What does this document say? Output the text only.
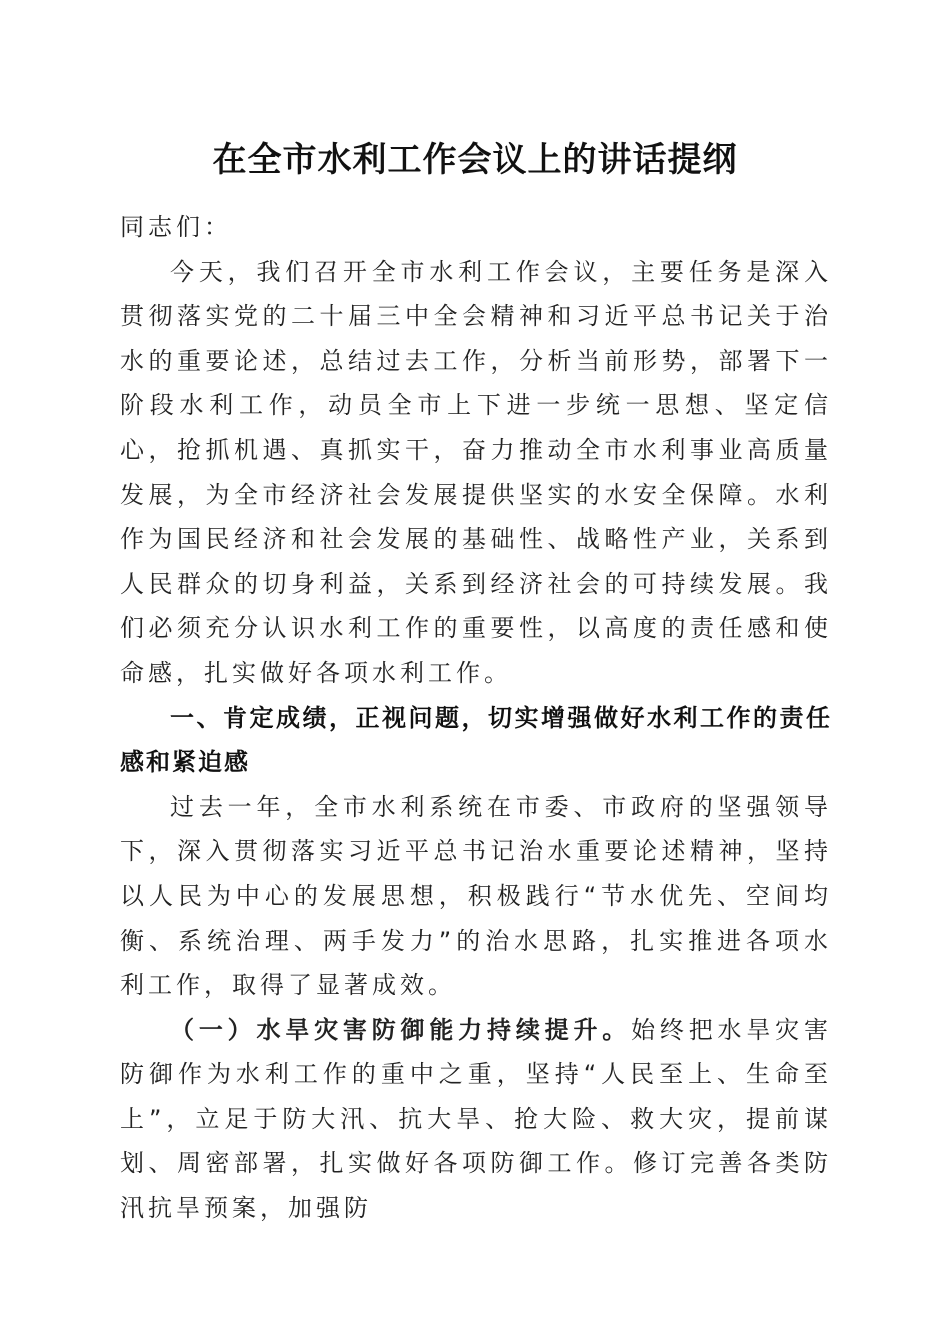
在全市水利工作会议上的讲话提纲

同志们：

今天，我们召开全市水利工作会议，主要任务是深入贯彻落实党的二十届三中全会精神和习近平总书记关于治水的重要论述，总结过去工作，分析当前形势，部署下一阶段水利工作，动员全市上下进一步统一思想、坚定信心，抢抓机遇、真抓实干，奋力推动全市水利事业高质量发展，为全市经济社会发展提供坚实的水安全保障。水利作为国民经济和社会发展的基础性、战略性产业，关系到人民群众的切身利益，关系到经济社会的可持续发展。我们必须充分认识水利工作的重要性，以高度的责任感和使命感，扎实做好各项水利工作。

一、肯定成绩，正视问题，切实增强做好水利工作的责任感和紧迫感

过去一年，全市水利系统在市委、市政府的坚强领导下，深入贯彻落实习近平总书记治水重要论述精神，坚持以人民为中心的发展思想，积极践行“节水优先、空间均衡、系统治理、两手发力”的治水思路，扎实推进各项水利工作，取得了显著成效。

（一）水旱灾害防御能力持续提升。始终把水旱灾害防御作为水利工作的重中之重，坚持“人民至上、生命至上”，立足于防大汛、抗大旱、抢大险、救大灾，提前谋划、周密部署，扎实做好各项防御工作。修订完善各类防汛抗旱预案，加强防
